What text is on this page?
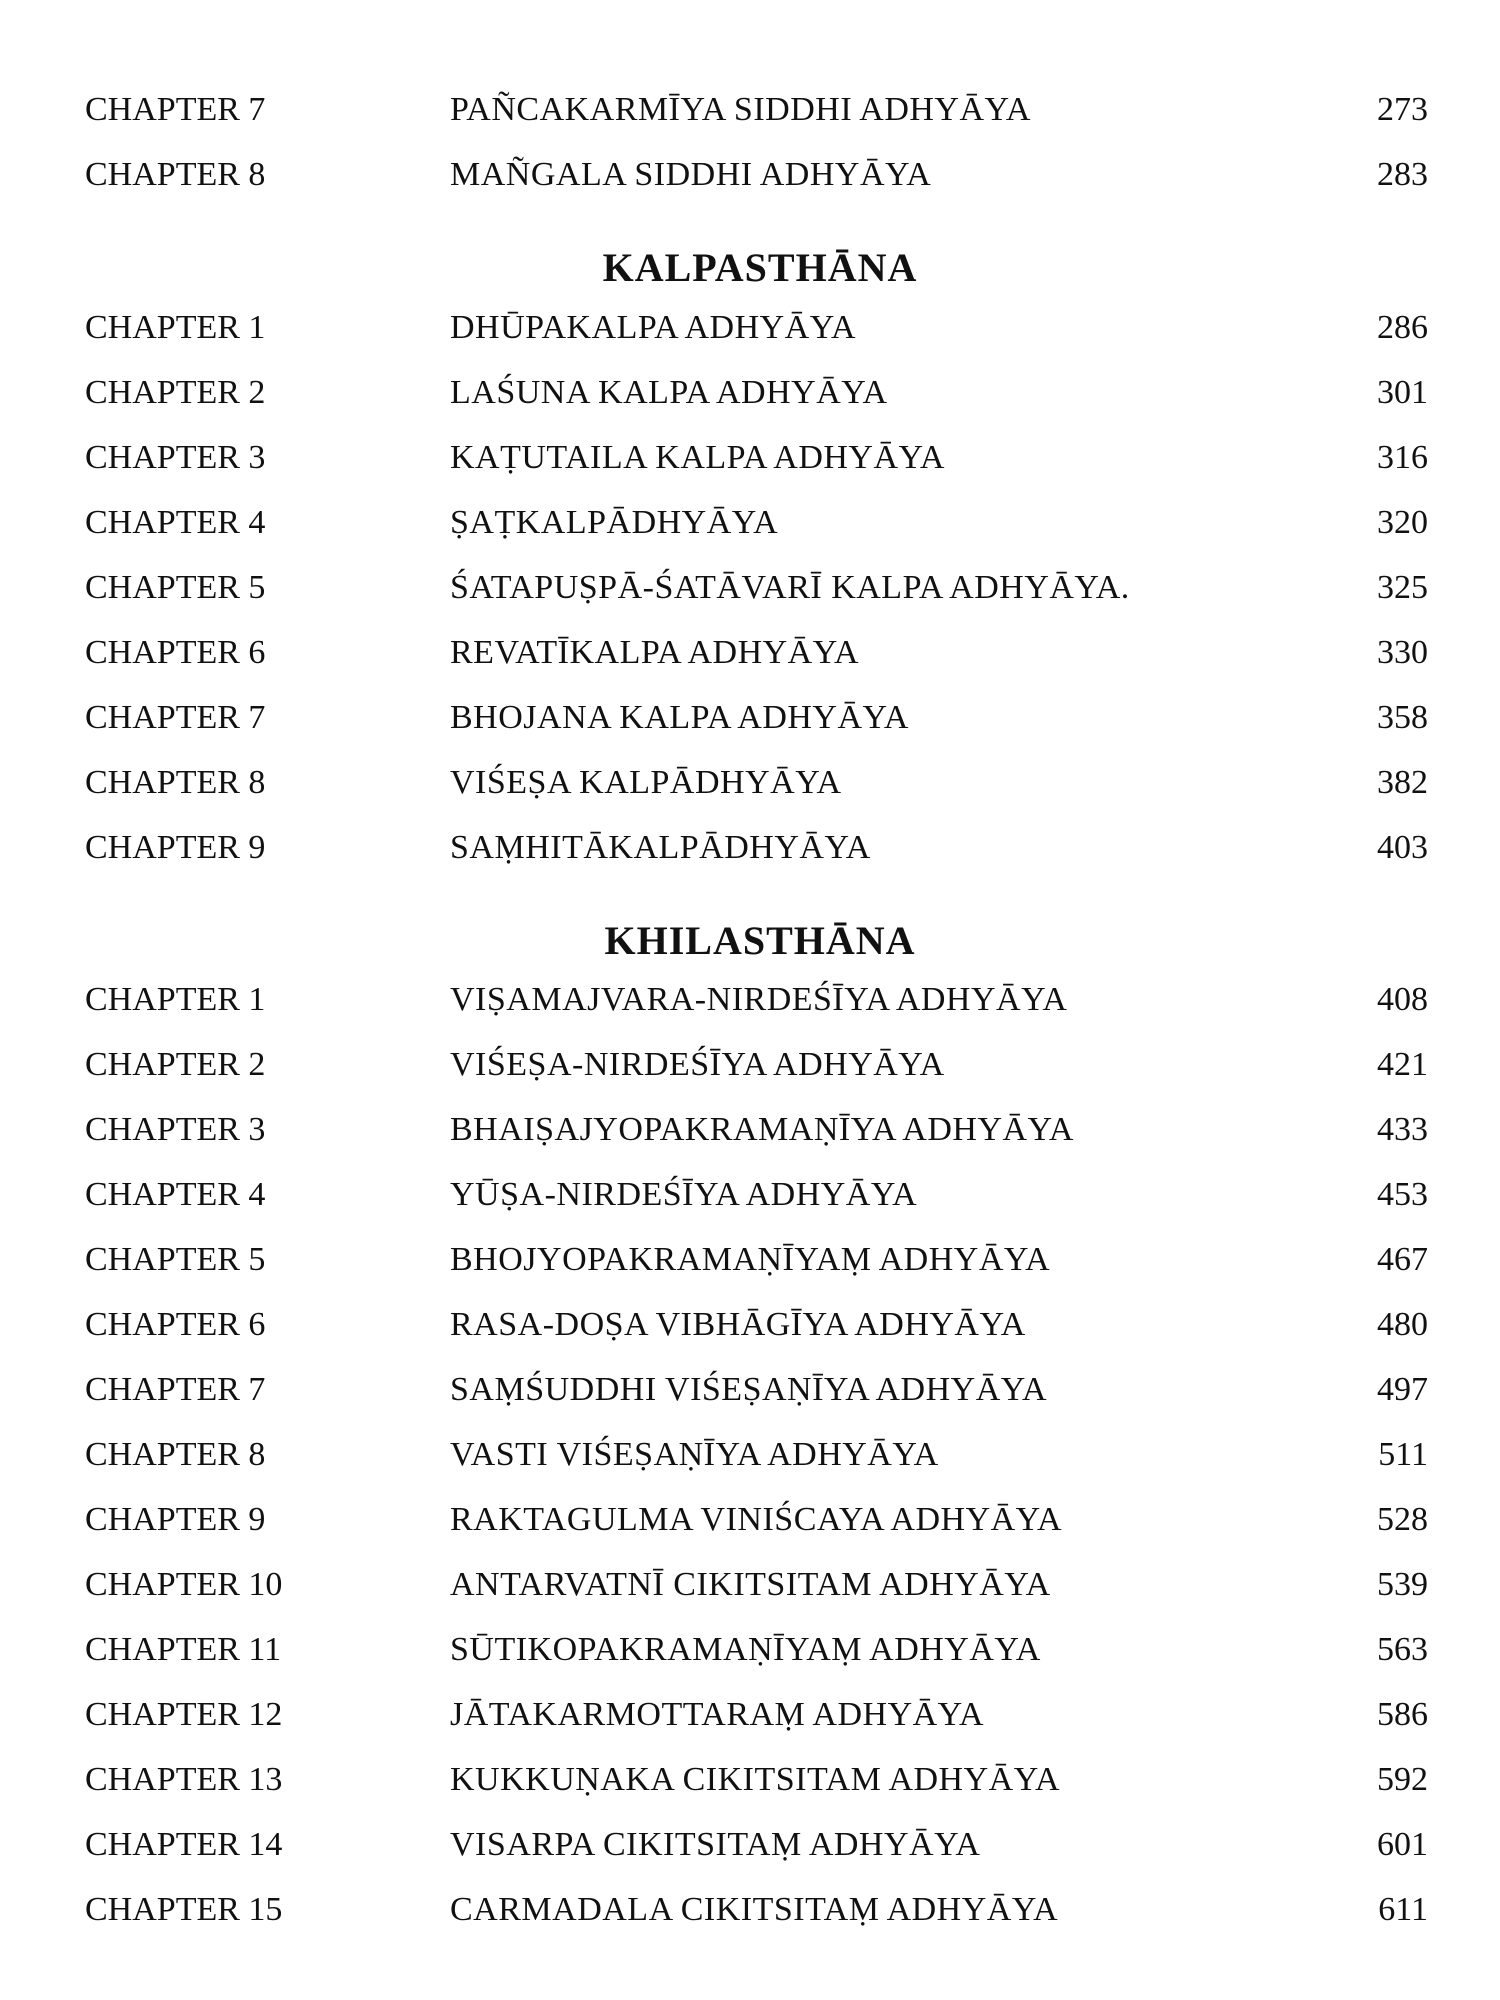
CHAPTER 7	PAÑCAKARMĪYA SIDDHI ADHYĀYA	273
CHAPTER 8	MAÑGALA SIDDHI ADHYĀYA	283
KALPASTHĀNA
CHAPTER 1	DHŪPAKALPA ADHYĀYA	286
CHAPTER 2	LAŚUNA KALPA ADHYĀYA	301
CHAPTER 3	KAṬUTAILA KALPA ADHYĀYA	316
CHAPTER 4	ṢAṬKALPĀDHYĀYA	320
CHAPTER 5	ŚATAPUṢPĀ-ŚATĀVARĪ KALPA ADHYĀYA.	325
CHAPTER 6	REVATĪKALPA ADHYĀYA	330
CHAPTER 7	BHOJANA KALPA ADHYĀYA	358
CHAPTER 8	VIŚEṢA KALPĀDHYĀYA	382
CHAPTER 9	SAṂHITĀKALPĀDHYĀYA	403
KHILASTHĀNA
CHAPTER 1	VIṢAMAJVARA-NIRDEŚĪYA ADHYĀYA	408
CHAPTER 2	VIŚEṢA-NIRDEŚĪYA ADHYĀYA	421
CHAPTER 3	BHAIṢAJYOPAKRAMAṆĪYA ADHYĀYA	433
CHAPTER 4	YŪṢA-NIRDEŚĪYA ADHYĀYA	453
CHAPTER 5	BHOJYOPAKRAMAṆĪYAṂ ADHYĀYA	467
CHAPTER 6	RASA-DOṢA VIBHĀGĪYA ADHYĀYA	480
CHAPTER 7	SAṂŚUDDHI VIŚEṢAṆĪYA ADHYĀYA	497
CHAPTER 8	VASTI VIŚEṢAṆĪYA ADHYĀYA	511
CHAPTER 9	RAKTAGULMA VINIŚCAYA ADHYĀYA	528
CHAPTER 10	ANTARVATNĪ CIKITSITAM ADHYĀYA	539
CHAPTER 11	SŪTIKOPAKRAMAṆĪYAṂ ADHYĀYA	563
CHAPTER 12	JĀTAKARMOTTARAṂ ADHYĀYA	586
CHAPTER 13	KUKKUṆAKA CIKITSITAM ADHYĀYA	592
CHAPTER 14	VISARPA CIKITSITAṂ ADHYĀYA	601
CHAPTER 15	CARMADALA CIKITSITAṂ ADHYĀYA	611
